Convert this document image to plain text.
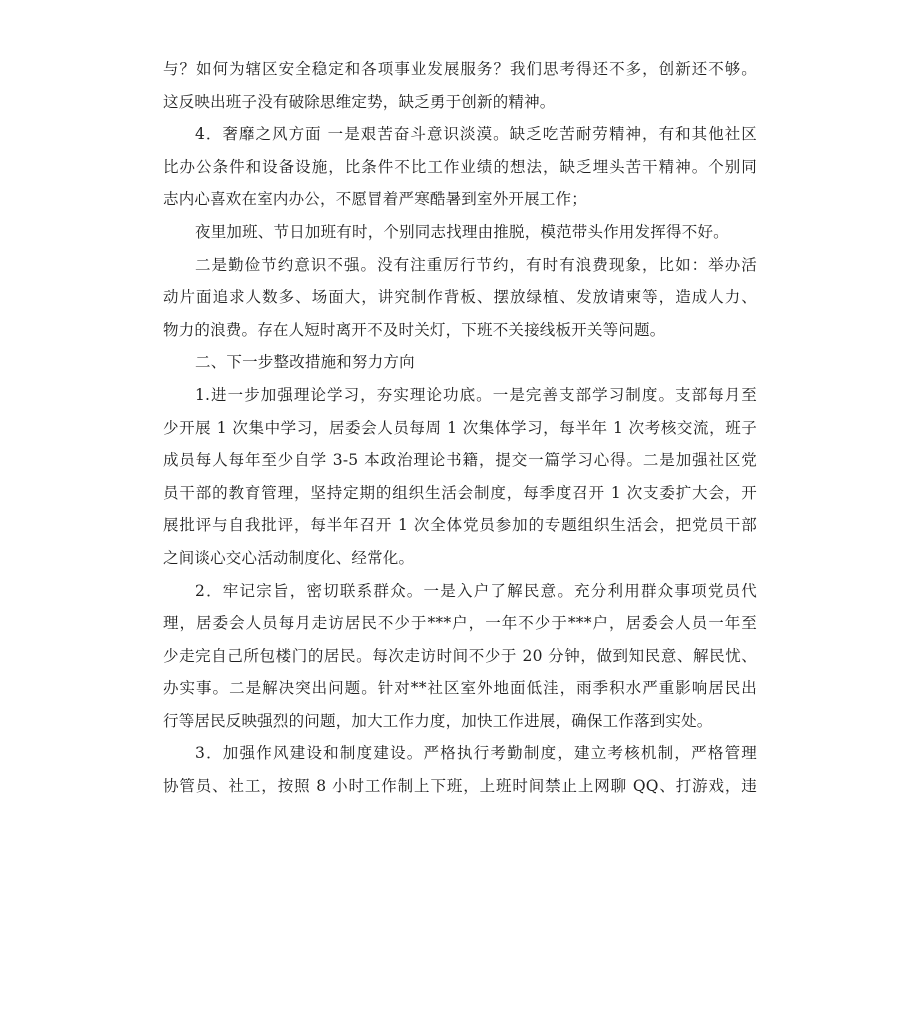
与？如何为辖区安全稳定和各项事业发展服务？我们思考得还不多，创新还不够。
这反映出班子没有破除思维定势，缺乏勇于创新的精神。
4．奢靡之风方面 一是艰苦奋斗意识淡漠。缺乏吃苦耐劳精神，有和其他社区
比办公条件和设备设施，比条件不比工作业绩的想法，缺乏埋头苦干精神。个别同
志内心喜欢在室内办公，不愿冒着严寒酷暑到室外开展工作；
夜里加班、节日加班有时，个别同志找理由推脱，模范带头作用发挥得不好。
二是勤俭节约意识不强。没有注重厉行节约，有时有浪费现象，比如：举办活
动片面追求人数多、场面大，讲究制作背板、摆放绿植、发放请柬等，造成人力、
物力的浪费。存在人短时离开不及时关灯，下班不关接线板开关等问题。
二、下一步整改措施和努力方向
1.进一步加强理论学习，夯实理论功底。一是完善支部学习制度。支部每月至
少开展 1 次集中学习，居委会人员每周 1 次集体学习，每半年 1 次考核交流，班子
成员每人每年至少自学 3-5 本政治理论书籍，提交一篇学习心得。二是加强社区党
员干部的教育管理，坚持定期的组织生活会制度，每季度召开 1 次支委扩大会，开
展批评与自我批评，每半年召开 1 次全体党员参加的专题组织生活会，把党员干部
之间谈心交心活动制度化、经常化。
2．牢记宗旨，密切联系群众。一是入户了解民意。充分利用群众事项党员代
理，居委会人员每月走访居民不少于***户，一年不少于***户，居委会人员一年至
少走完自己所包楼门的居民。每次走访时间不少于 20 分钟，做到知民意、解民忧、
办实事。二是解决突出问题。针对**社区室外地面低洼，雨季积水严重影响居民出
行等居民反映强烈的问题，加大工作力度，加快工作进展，确保工作落到实处。
3．加强作风建设和制度建设。严格执行考勤制度，建立考核机制，严格管理
协管员、社工，按照 8 小时工作制上下班，上班时间禁止上网聊 QQ、打游戏，违
